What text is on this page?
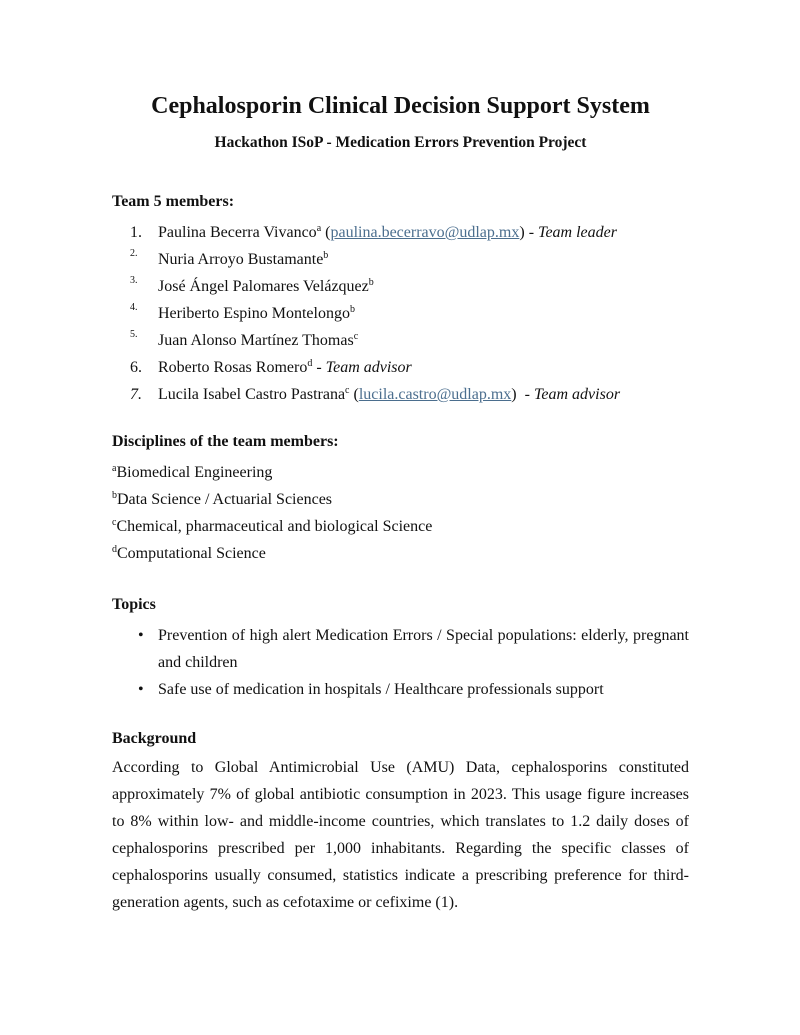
Cephalosporin Clinical Decision Support System

Hackathon ISoP - Medication Errors Prevention Project

Team 5 members:

1. Paulina Becerra Vivanco$^a$ (paulina.becerravo@udlap.mx) - Team leader
2. Nuria Arroyo Bustamante$^b$
3. José Ángel Palomares Velázquez$^b$
4. Heriberto Espino Montelongo$^b$
5. Juan Alonso Martínez Thomas$^c$
6. Roberto Rosas Romero$^d$ - Team advisor
7. Lucila Isabel Castro Pastrana$^c$ (lucila.castro@udlap.mx)  - Team advisor

Disciplines of the team members:

$^a$Biomedical Engineering
$^b$Data Science / Actuarial Sciences
$^c$Chemical, pharmaceutical and biological Science
$^d$Computational Science

Topics

• Prevention of high alert Medication Errors / Special populations: elderly, pregnant and children
• Safe use of medication in hospitals / Healthcare professionals support

Background

According to Global Antimicrobial Use (AMU) Data, cephalosporins constituted approximately 7% of global antibiotic consumption in 2023. This usage figure increases to 8% within low- and middle-income countries, which translates to 1.2 daily doses of cephalosporins prescribed per 1,000 inhabitants. Regarding the specific classes of cephalosporins usually consumed, statistics indicate a prescribing preference for third-generation agents, such as cefotaxime or cefixime (1).
